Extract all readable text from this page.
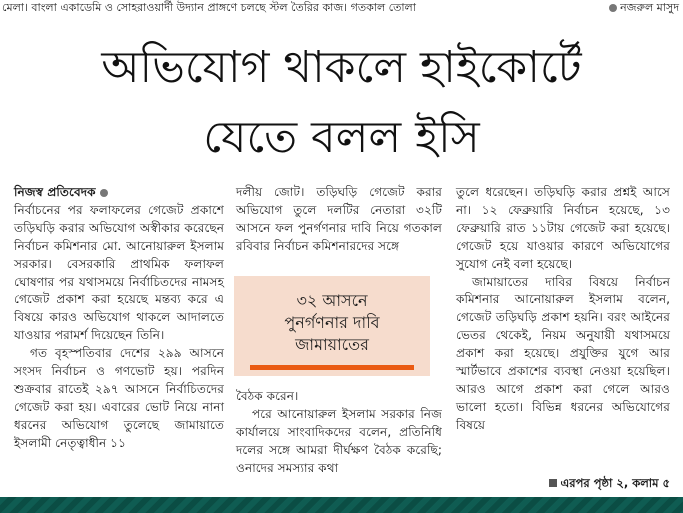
মেলা। বাংলা একাডেমি ও সোহরাওয়ার্দী উদ্যান প্রাঙ্গণে চলছে স্টল তৈরির কাজ। গতকাল তোলা	নজরুল মাসুদ
অভিযোগ থাকলে হাইকোর্টে
যেতে বলল ইসি

নিজস্ব প্রতিবেদক

নির্বাচনের পর ফলাফলের গেজেট প্রকাশে তড়িঘড়ি করার অভিযোগ অস্বীকার করেছেন নির্বাচন কমিশনার মো. আনোয়ারুল ইসলাম সরকার। বেসরকারি প্রাথমিক ফলাফল ঘোষণার পর যথাসময়ে নির্বাচিতদের নামসহ গেজেট প্রকাশ করা হয়েছে মন্তব্য করে এ বিষয়ে কারও অভিযোগ থাকলে আদালতে যাওয়ার পরামর্শ দিয়েছেন তিনি।

গত বৃহস্পতিবার দেশের ২৯৯ আসনে সংসদ নির্বাচন ও গণভোট হয়। পরদিন শুক্রবার রাতেই ২৯৭ আসনে নির্বাচিতদের গেজেট করা হয়। এবারের ভোট নিয়ে নানা ধরনের অভিযোগ তুলেছে জামায়াতে ইসলামী নেতৃত্বাধীন ১১

দলীয় জোট। তড়িঘড়ি গেজেট করার অভিযোগ তুলে দলটির নেতারা ৩২টি আসনে ফল পুনর্গণনার দাবি নিয়ে গতকাল রবিবার নির্বাচন কমিশনারদের সঙ্গে

বৈঠক করেন।

পরে আনোয়ারুল ইসলাম সরকার নিজ কার্যালয়ে সাংবাদিকদের বলেন, প্রতিনিধি দলের সঙ্গে আমরা দীর্ঘক্ষণ বৈঠক করেছি; ওনাদের সমস্যার কথা

৩২ আসনে
পুনর্গণনার দাবি
জামায়াতের

তুলে ধরেছেন। তড়িঘড়ি করার প্রশ্নই আসে না। ১২ ফেব্রুয়ারি নির্বাচন হয়েছে, ১৩ ফেব্রুয়ারি রাত ১১টায় গেজেট করা হয়েছে। গেজেট হয়ে যাওয়ার কারণে অভিযোগের সুযোগ নেই বলা হয়েছে।

জামায়াতের দাবির বিষয়ে নির্বাচন কমিশনার আনোয়ারুল ইসলাম বলেন, গেজেট তড়িঘড়ি প্রকাশ হয়নি। বরং আইনের ভেতর থেকেই, নিয়ম অনুযায়ী যথাসময়ে প্রকাশ করা হয়েছে। প্রযুক্তির যুগে আর স্মার্টভাবে প্রকাশের ব্যবস্থা নেওয়া হয়েছিল। আরও আগে প্রকাশ করা গেলে আরও ভালো হতো। বিভিন্ন ধরনের অভিযোগের বিষয়ে

এরপর পৃষ্ঠা ২, কলাম ৫
